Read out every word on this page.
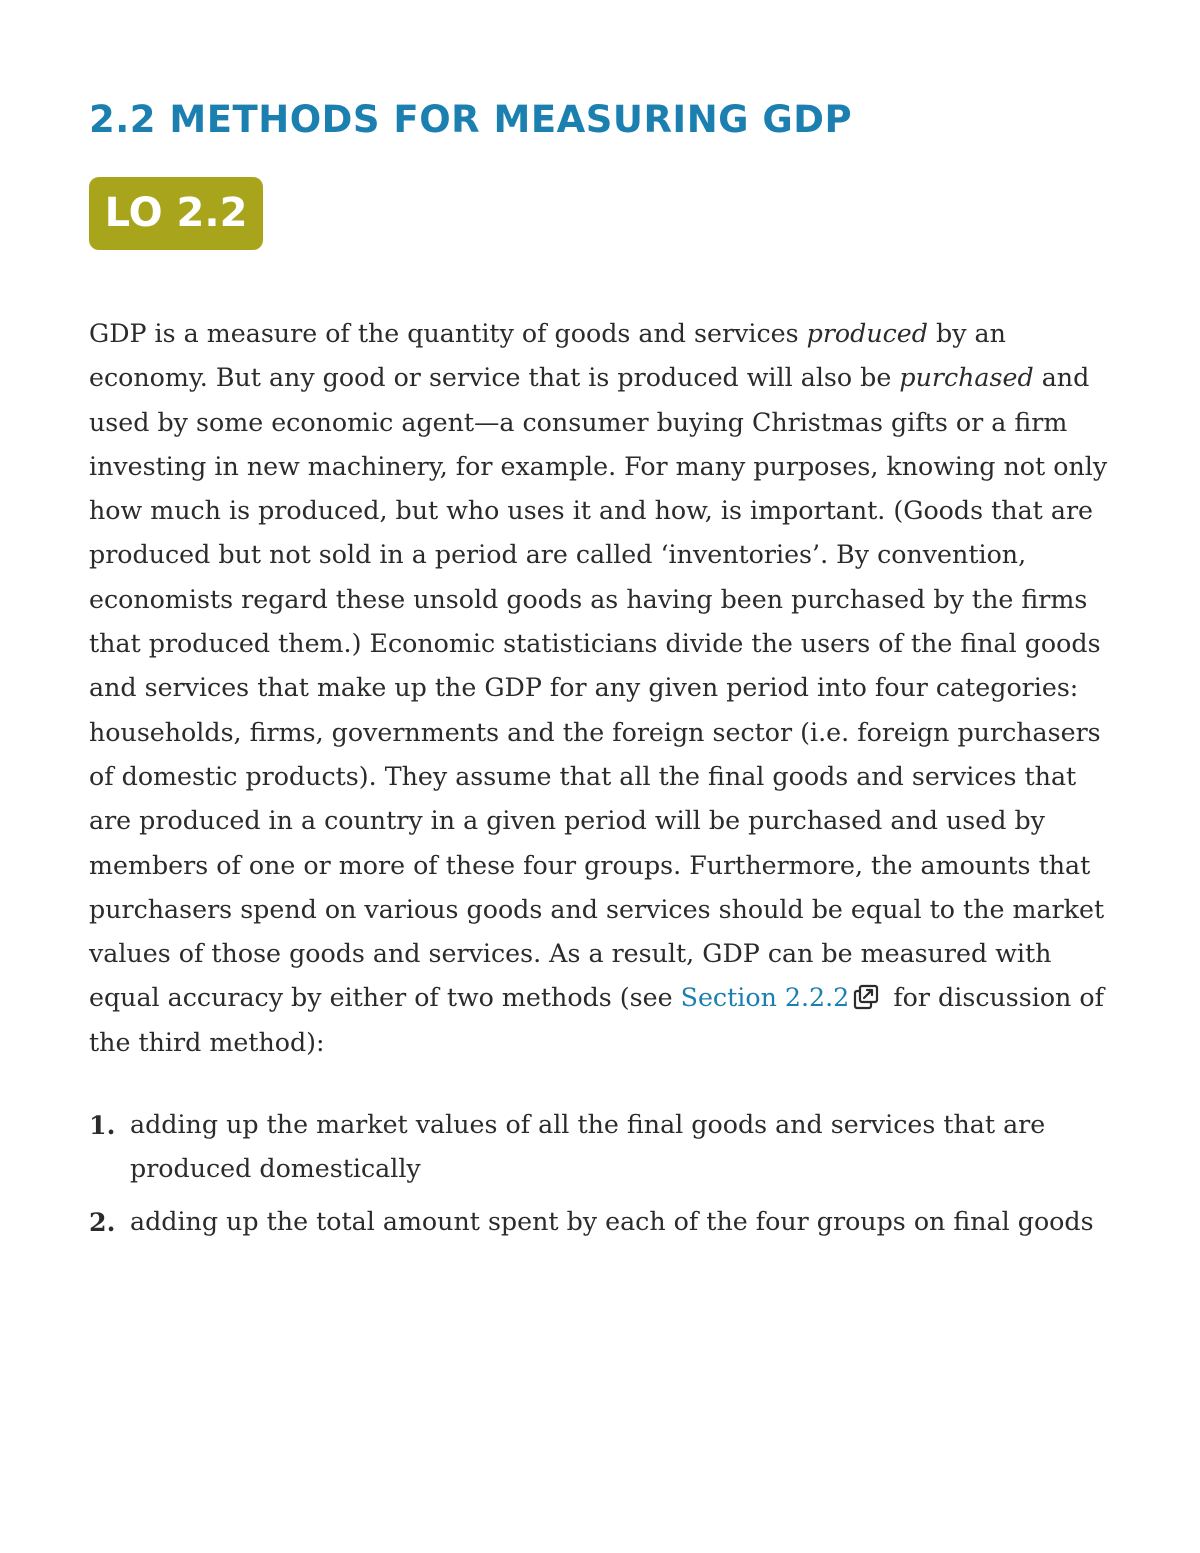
2.2 METHODS FOR MEASURING GDP
LO 2.2

GDP is a measure of the quantity of goods and services produced by an economy. But any good or service that is produced will also be purchased and used by some economic agent—a consumer buying Christmas gifts or a firm investing in new machinery, for example. For many purposes, knowing not only how much is produced, but who uses it and how, is important. (Goods that are produced but not sold in a period are called ‘inventories’. By convention, economists regard these unsold goods as having been purchased by the firms that produced them.) Economic statisticians divide the users of the final goods and services that make up the GDP for any given period into four categories: households, firms, governments and the foreign sector (i.e. foreign purchasers of domestic products). They assume that all the final goods and services that are produced in a country in a given period will be purchased and used by members of one or more of these four groups. Furthermore, the amounts that purchasers spend on various goods and services should be equal to the market values of those goods and services. As a result, GDP can be measured with equal accuracy by either of two methods (see Section 2.2.2 for discussion of the third method):

1. adding up the market values of all the final goods and services that are produced domestically
2. adding up the total amount spent by each of the four groups on final goods
